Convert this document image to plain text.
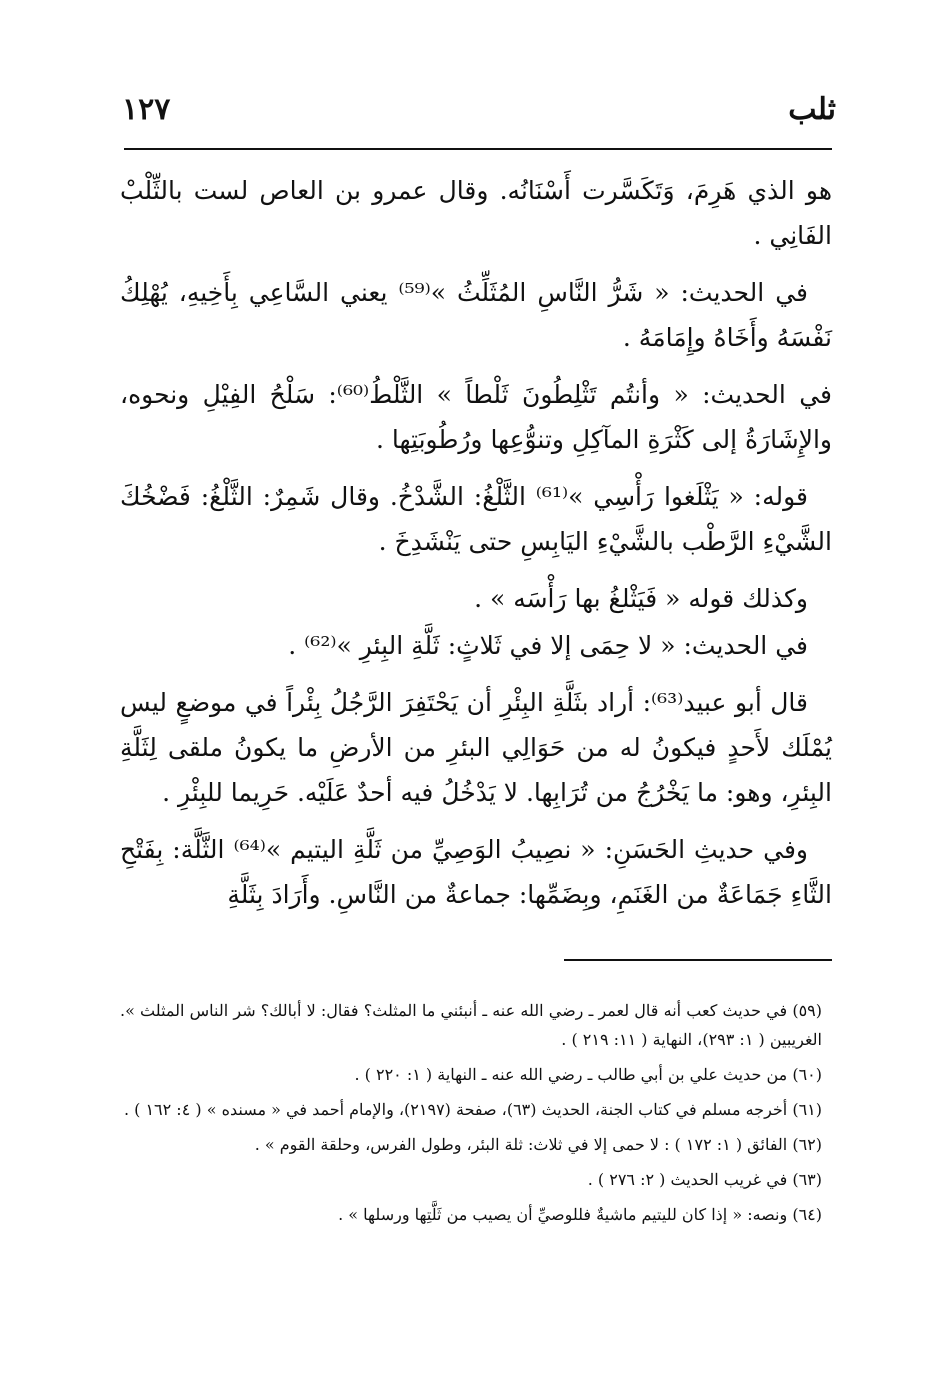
ثلب
١٢٧

هو الذي هَرِمَ، وَتَكَسَّرت أَسْنَانُه. وقال عمرو بن العاص لست بالثِّلْبْ الفَانِي .

في الحديث: « شَرُّ النَّاسِ المُثَلِّثُ »⁽⁵⁹⁾ يعني السَّاعِي بِأَخِيهِ، يُهْلِكُ نَفْسَهُ وأَخَاهُ وإِمَامَهُ .

في الحديث: « وأنتُم تَثْلِطُونَ ثَلْطاً » الثَّلْطُ⁽⁶⁰⁾: سَلْحُ الفِيْلِ ونحوه، والإِشَارَةُ إلى كَثْرَةِ المآكِلِ وتنوُّعِها ورُطُوبَتِها .

قوله: « يَثْلَغوا رَأْسِي »⁽⁶¹⁾ الثَّلْغُ: الشَّدْخُ. وقال شَمِرٌ: الثَّلْغُ: فَضْخُكَ الشَّيْءِ الرَّطْب بالشَّيْءِ اليَابِسِ حتى يَنْشَدِخَ .

وكذلك قوله « فَيَثْلغُ بها رَأْسَه » .

في الحديث: « لا حِمَى إلا في ثَلاثٍ: ثَلَّةِ البِئرِ »⁽⁶²⁾ .

قال أبو عبيد⁽⁶³⁾: أراد بثَلَّةِ البِئْرِ أن يَحْتَفِرَ الرَّجُلُ بِئْراً في موضعٍ ليس يُمْلَك لأَحدٍ فيكونُ له من حَوَالِي البئرِ من الأرضِ ما يكونُ ملقى لِثَلَّةِ البِئرِ، وهو: ما يَخْرُجُ من تُرَابِها. لا يَدْخُلُ فيه أحدٌ عَلَيْه. حَرِيما للبِئْرِ .

وفي حديثِ الحَسَنِ: « نصِيبُ الوَصِيِّ من ثَلَّةِ اليتيم »⁽⁶⁴⁾ الثَّلَّة: بِفَتْحِ الثَّاءِ جَمَاعَةٌ من الغَنَمِ، وبِضَمِّها: جماعةٌ من النَّاسِ. وأَرَادَ بِثَلَّةِ

(٥٩) في حديث كعب أنه قال لعمر ـ رضي الله عنه ـ أنبئني ما المثلث؟ فقال: لا أبالك؟ شر الناس المثلث ». الغريبين ( ١: ٢٩٣)، النهاية ( ١١: ٢١٩ ) .

(٦٠) من حديث علي بن أبي طالب ـ رضي الله عنه ـ النهاية ( ١: ٢٢٠ ) .

(٦١) أخرجه مسلم في كتاب الجنة، الحديث (٦٣)، صفحة (٢١٩٧)، والإمام أحمد في « مسنده » ( ٤: ١٦٢ ) .

(٦٢) الفائق ( ١: ١٧٢ ) : لا حمى إلا في ثلاث: ثلة البئر، وطول الفرس، وحلقة القوم » .

(٦٣) في غريب الحديث ( ٢: ٢٧٦ ) .

(٦٤) ونصه: « إذا كان لليتيم ماشيةٌ فللوصيِّ أن يصيب من ثَلَّتِها ورسلها » .
